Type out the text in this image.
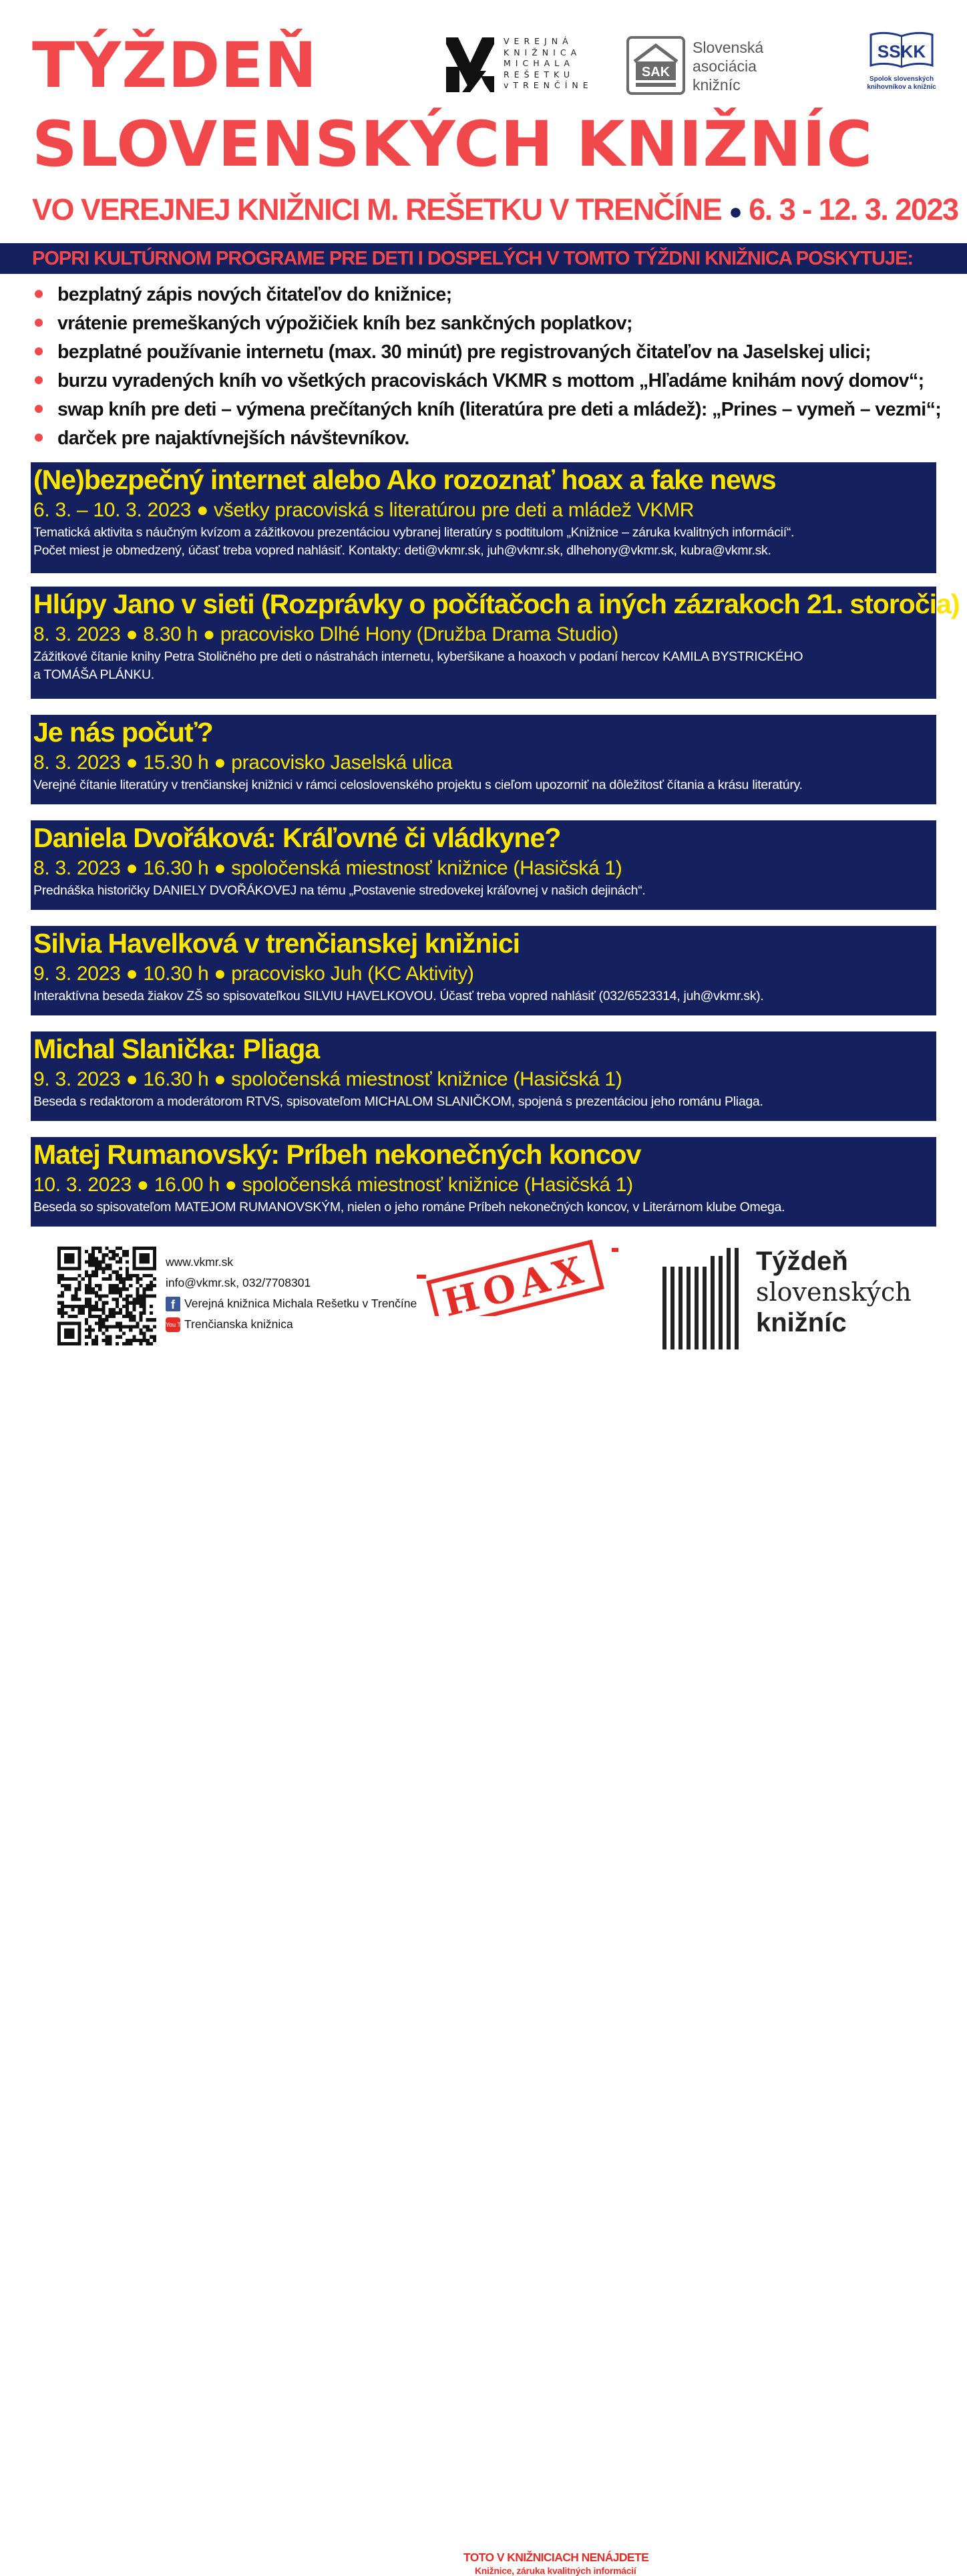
TÝŽDEŇ
SLOVENSKÝCH KNIŽNÍC
VEREJNÁ
KNIŽNICA
MICHALA
REŠETKU
vTRENČÍNE
SAK
Slovenská
asociácia
knižníc
SSKK
Spolok slovenských
knihovníkov a knižníc
VO VEREJNEJ KNIŽNICI M. REŠETKU V TRENČÍNE ● 6. 3 - 12. 3. 2023
POPRI KULTÚRNOM PROGRAME PRE DETI I DOSPELÝCH V TOMTO TÝŽDNI KNIŽNICA POSKYTUJE:
bezplatný zápis nových čitateľov do knižnice;
vrátenie premeškaných výpožičiek kníh bez sankčných poplatkov;
bezplatné používanie internetu (max. 30 minút) pre registrovaných čitateľov na Jaselskej ulici;
burzu vyradených kníh vo všetkých pracoviskách VKMR s mottom „Hľadáme knihám nový domov“;
swap kníh pre deti – výmena prečítaných kníh (literatúra pre deti a mládež): „Prines – vymeň – vezmi“;
darček pre najaktívnejších návštevníkov.
(Ne)bezpečný internet alebo Ako rozoznať hoax a fake news
6. 3. – 10. 3. 2023 ● všetky pracoviská s literatúrou pre deti a mládež VKMR
Tematická aktivita s náučným kvízom a zážitkovou prezentáciou vybranej literatúry s podtitulom „Knižnice – záruka kvalitných informácií“.
Počet miest je obmedzený, účasť treba vopred nahlásiť. Kontakty: deti@vkmr.sk, juh@vkmr.sk, dlhehony@vkmr.sk, kubra@vkmr.sk.
Hlúpy Jano v sieti (Rozprávky o počítačoch a iných zázrakoch 21. storočia)
8. 3. 2023 ● 8.30 h ● pracovisko Dlhé Hony (Družba Drama Studio)
Zážitkové čítanie knihy Petra Stoličného pre deti o nástrahách internetu, kyberšikane a hoaxoch v podaní hercov KAMILA BYSTRICKÉHO
a TOMÁŠA PLÁNKU.
Je nás počuť?
8. 3. 2023 ● 15.30 h ● pracovisko Jaselská ulica
Verejné čítanie literatúry v trenčianskej knižnici v rámci celoslovenského projektu s cieľom upozorniť na dôležitosť čítania a krásu literatúry.
Daniela Dvořáková: Kráľovné či vládkyne?
8. 3. 2023 ● 16.30 h ● spoločenská miestnosť knižnice (Hasičská 1)
Prednáška historičky DANIELY DVOŘÁKOVEJ na tému „Postavenie stredovekej kráľovnej v našich dejinách“.
Silvia Havelková v trenčianskej knižnici
9. 3. 2023 ● 10.30 h ● pracovisko Juh (KC Aktivity)
Interaktívna beseda žiakov ZŠ so spisovateľkou SILVIU HAVELKOVOU. Účasť treba vopred nahlásiť (032/6523314, juh@vkmr.sk).
Michal Slanička: Pliaga
9. 3. 2023 ● 16.30 h ● spoločenská miestnosť knižnice (Hasičská 1)
Beseda s redaktorom a moderátorom RTVS, spisovateľom MICHALOM SLANIČKOM, spojená s prezentáciou jeho románu Pliaga.
Matej Rumanovský: Príbeh nekonečných koncov
10. 3. 2023 ● 16.00 h ● spoločenská miestnosť knižnice (Hasičská 1)
Beseda so spisovateľom MATEJOM RUMANOVSKÝM, nielen o jeho románe Príbeh nekonečných koncov, v Literárnom klube Omega.
www.vkmr.sk
info@vkmr.sk, 032/7708301
f Verejná knižnica Michala Rešetku v Trenčíne
You TubeTrenčianska knižnica	HOAX
TOTO V KNIŽNICIACH NENÁJDETE
Knižnice, záruka kvalitných informácií
Týždeň
slovenských
knižníc
